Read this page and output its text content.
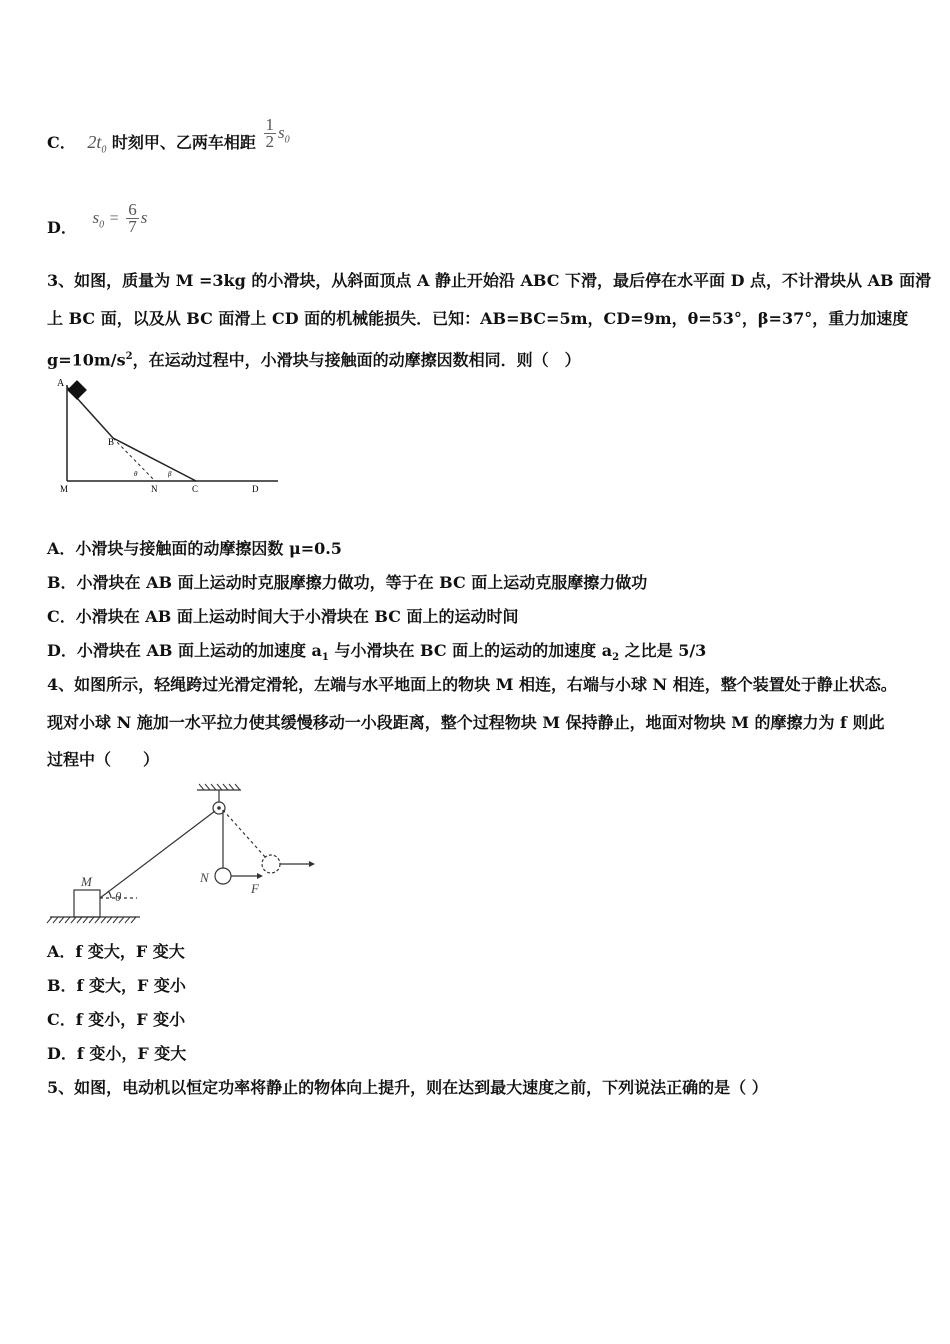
C． $2t_0$ 时刻甲、乙两车相距 $\frac{1}{2} s_0$
D． $s_0 = \frac{6}{7}$ s
3、如图，质量为 M =3kg 的小滑块，从斜面顶点 A 静止开始沿 ABC 下滑，最后停在水平面 D 点，不计滑块从 AB 面滑
上 BC 面，以及从 BC 面滑上 CD 面的机械能损失．已知：AB=BC=5m，CD=9m，θ=53°，β=37°，重力加速度
$g=10m/s^2$，在运动过程中，小滑块与接触面的动摩擦因数相同．则（　）
A
B
M	N	C	D
θ	β
A．小滑块与接触面的动摩擦因数 μ=0.5
B．小滑块在 AB 面上运动时克服摩擦力做功，等于在 BC 面上运动克服摩擦力做功
C．小滑块在 AB 面上运动时间大于小滑块在 BC 面上的运动时间
D．小滑块在 AB 面上运动的加速度 $a_1$ 与小滑块在 BC 面上的运动的加速度 $a_2$ 之比是 5/3
4、如图所示，轻绳跨过光滑定滑轮，左端与水平地面上的物块 M 相连，右端与小球 N 相连，整个装置处于静止状态。
现对小球 N 施加一水平拉力使其缓慢移动一小段距离，整个过程物块 M 保持静止，地面对物块 M 的摩擦力为 f 则此
过程中（　　）
M	N
F
θ
A．f 变大，F 变大
B．f 变大，F 变小
C．f 变小，F 变小
D．f 变小，F 变大
5、如图，电动机以恒定功率将静止的物体向上提升，则在达到最大速度之前，下列说法正确的是（ ）
